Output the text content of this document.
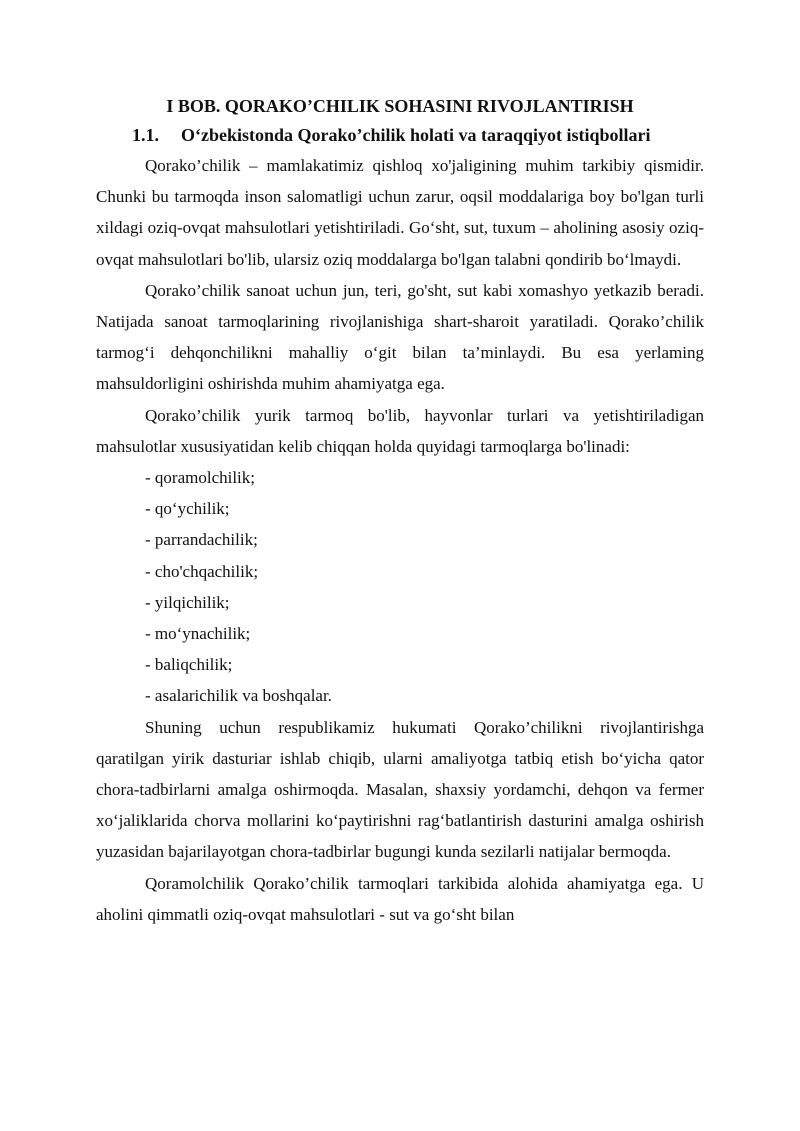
I BOB. QORAKO’CHILIK SOHASINI RIVOJLANTIRISH
1.1. O‘zbekistonda Qorako’chilik holati va taraqqiyot istiqbollari

Qorako’chilik – mamlakatimiz qishloq xo'jaligining muhim tarkibiy qismidir. Chunki bu tarmoqda inson salomatligi uchun zarur, oqsil moddalariga boy bo'lgan turli xildagi oziq-ovqat mahsulotlari yetishtiriladi. Go‘sht, sut, tuxum – aholining asosiy oziq-ovqat mahsulotlari bo'lib, ularsiz oziq moddalarga bo'lgan talabni qondirib bo‘lmaydi.

Qorako’chilik sanoat uchun jun, teri, go'sht, sut kabi xomashyo yetkazib beradi. Natijada sanoat tarmoqlarining rivojlanishiga shart-sharoit yaratiladi. Qorako’chilik tarmog‘i dehqonchilikni mahalliy o‘git bilan ta’minlaydi. Bu esa yerlaming mahsuldorligini oshirishda muhim ahamiyatga ega.

Qorako’chilik yurik tarmoq bo'lib, hayvonlar turlari va yetishtiriladigan mahsulotlar xususiyatidan kelib chiqqan holda quyidagi tarmoqlarga bo'linadi:

- qoramolchilik;

- qo‘ychilik;

- parrandachilik;

- cho'chqachilik;

- yilqichilik;

- mo‘ynachilik;

- baliqchilik;

- asalarichilik va boshqalar.

Shuning uchun respublikamiz hukumati Qorako’chilikni rivojlantirishga qaratilgan yirik dasturiar ishlab chiqib, ularni amaliyotga tatbiq etish bo‘yicha qator chora-tadbirlarni amalga oshirmoqda. Masalan, shaxsiy yordamchi, dehqon va fermer xo‘jaliklarida chorva mollarini ko‘paytirishni rag‘batlantirish dasturini amalga oshirish yuzasidan bajarilayotgan chora-tadbirlar bugungi kunda sezilarli natijalar bermoqda.

Qoramolchilik Qorako’chilik tarmoqlari tarkibida alohida ahamiyatga ega. U aholini qimmatli oziq-ovqat mahsulotlari - sut va go‘sht bilan
